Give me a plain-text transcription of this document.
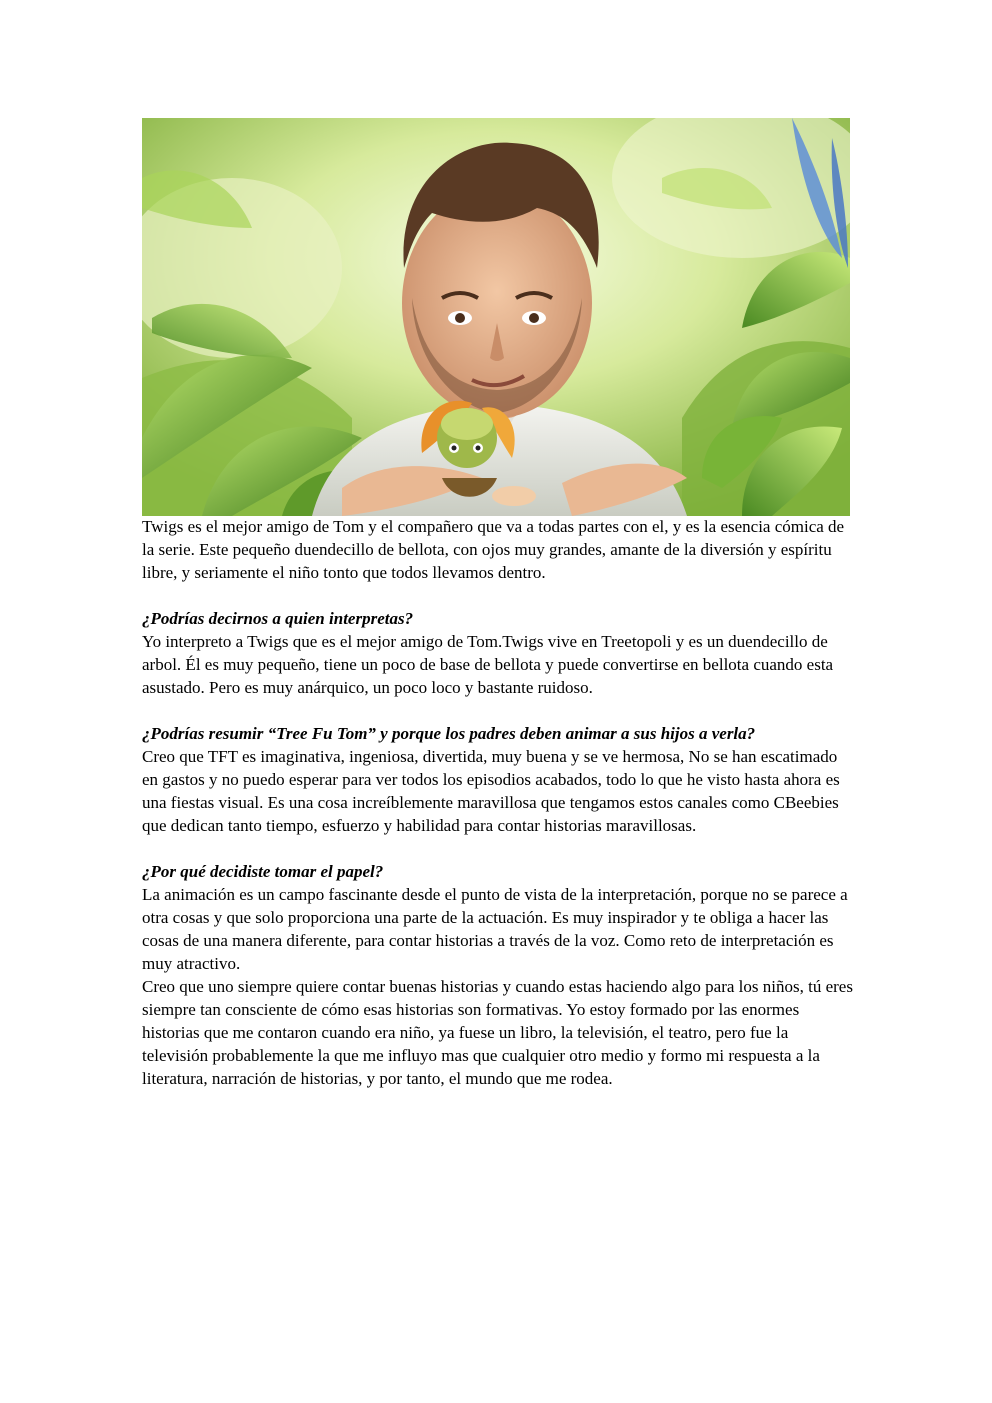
Twigs es el mejor amigo de Tom y el compañero que va a todas partes con el, y es la esencia cómica de la serie. Este pequeño duendecillo de bellota, con ojos muy grandes, amante de la diversión y espíritu libre, y seriamente el niño tonto que todos llevamos dentro.

¿Podrías decirnos a quien interpretas?

Yo interpreto a Twigs que es el mejor amigo de Tom.Twigs vive en Treetopoli y es un duendecillo de arbol. Él es muy pequeño, tiene un poco de base de bellota y puede convertirse en bellota cuando esta asustado. Pero es muy anárquico, un poco loco y bastante ruidoso.

¿Podrías resumir “Tree Fu Tom” y porque los padres deben animar a sus hijos a verla?

Creo que TFT es imaginativa, ingeniosa, divertida, muy buena y se ve hermosa, No se han escatimado en gastos y no puedo esperar para ver todos los episodios acabados, todo lo que he visto hasta ahora es una fiestas visual. Es una cosa increíblemente maravillosa que tengamos estos canales como CBeebies que dedican tanto tiempo, esfuerzo y habilidad para contar historias maravillosas.

¿Por qué decidiste tomar el papel?

La animación es un campo fascinante desde el punto de vista de la interpretación, porque no se parece a otra cosas y que solo proporciona una parte de la actuación. Es muy inspirador y te obliga a hacer las cosas de una manera diferente, para contar historias a través de la voz. Como reto de interpretación es muy atractivo.

Creo que uno siempre quiere contar buenas historias y cuando estas haciendo algo para los niños, tú eres siempre tan consciente de cómo esas historias son formativas. Yo estoy formado por las enormes historias que me contaron cuando era niño, ya fuese un libro, la televisión, el teatro, pero fue la televisión probablemente la que me influyo mas que cualquier otro medio y formo mi respuesta a la literatura, narración de historias, y por tanto, el mundo que me rodea.
